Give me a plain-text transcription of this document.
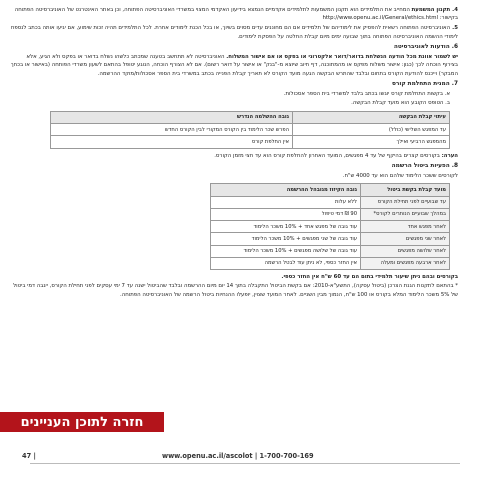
4.תקנון המשמעת המחייב את התלמידים הוא תקנון המשמעות לתלמידים אקדמיים הנמצא בידיעון האקדמי המצוי במשרדי האוניברסיטה הפתוחה, וכן באתר האינטרנט של האוניברסיטה הפתוחה בקישור: http://www.openu.ac.il/General/ethics.html

5.האוניברסיטה הפתוחה רשאית להפסיק את לימודיהם של תלמידים אם הם מחוננים עדים מסוים בשיוך, או בכל הכנת לימודים אחרת. לכל התלמידים תהיה זכות שימוע, אם יגיעו אותה בכתב לנספח לימודי ההשמה האוניברסיטה הפתוחה בתוך שבועה ימים מיום קבלת החלטה על הפסקת לימודים.

6. הודעות לאוניברסיטה

יש לשמור אוונת מכל הודעה הנשלחת בדואר/דואר אלקטרוני או בפקס או אם אישור המשלוח. האוניברסיטה לא תתחשב בטענה שמכתב כלשהו נשלח בדואר או בפקס ולא הגיע, אלא בצירוף הוכחה לכך (כגון: אישור משלוח מפקס או מהמתוכנה, דף חיוב שיוצא מ-"בנק" או אישור על דואר רשום). אם לא הצורף הוכחה, הנוגע יטופל בהתאם לשעון משרדי הפותחה (באישור או בכחך המבקר) וייכנס להודעת הקורס בתחום ובלבד שהתרש הבקשה הגעה מועד הקורס לא תאריך קבלת הפנייה בכתב במשרדי בית הספר אסכולות/מוקד ההרשמה.

7. המנית התחלמת קורס
א. בקשות התחלמת קורס יוגשו בכתב בלבד למשרדי בית הספר אסכולות.
ב. הטופס הקובע הוא מועד קבלת הבקשה.
עיתוי קבלת הבקשה	גובה ההשלמה הנדרש
עד המפגש השלישי (כולל)	הפרש שכר הלימוד בין הקורס המקורי לבין הקורס החדש
מהמפגש הרביעי ואילך	אין החלפת קורס

הערה: בקורסים קצרים בהיקף של עד 4 מפגשים, המועד האחרון להחלפת קורס הוא עד חצי מזמן הקורס.

8. הפעיות ביטול הרשמה
לקורסים ששכר הלימוד שלהם הוא עד 4000 ש"ח.
מועד קבלת בקשת ביטול	גובה הקיזוז מגובהל ההרשמה
עד שבועיים לפני תחילת הקורס	ללא עלות
במהלך שבועיים הנותרים לקורס*	90 ₪ דמי טיפול
לאחר מפגש אחד	עוד גובה של מפגש אחד + 10% משכר הלימוד
לאחר שני מפגשים	עוד גובה של שני מפגשים + 10% משכר הלימוד
לאחר שלושה מפגשים	עוד גובה של שלושה מפגשים + 10% משכר הלימוד
לאחר ארבעה מפגשים ומעלה	אין החזר כספי, לא ניתן עוד לבטל הרשמה

בקורסים ובהם ניתן שיעור תלמידי בתום הם עד 60 ש"ח אין החזר כספי.

* בהתאם לתקנות הגנת הצרכן (ביטול עסקה), התשע"א-2010: אם בקשת הביטול התקבלה בתוך 14 יום מיום ההרשמה ובלבד שהביטול ישנה עד 7 ימי עסקים לפני תחילת הקורס, ייגבה דמי ביטול של 5% משכר הלימוד המלא בקורס או 100 ש"ח, הנמוך מבין השניים. לאחר המועד שצוין, יופעלו ההנחיות ביטול הרשמה של האוניברסיטה הפתוחה.

חזרה לתוכן העניינים
47 |	www.openu.ac.il/ascolot | 1-700-700-169
